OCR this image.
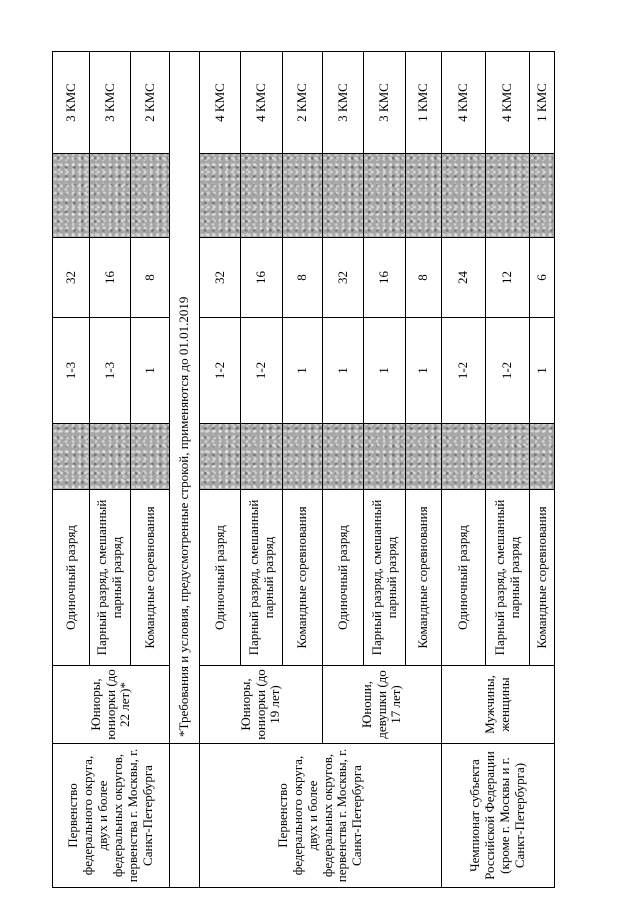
Первенство федерального округа, двух и более федеральных округов, первенства г. Москвы, г. Санкт-Петербурга	Юниоры, юниорки (до 22 лет)*	Одиночный разряд		1-3	32		3 КМС
		Парный разряд, смешанный парный разряд		1-3	16		3 КМС
		Командные соревнования		1	8		2 КМС
	*Требования и условия, предусмотренные строкой, применяются до 01.01.2019						
Первенство федерального округа, двух и более федеральных округов, первенства г. Москвы, г. Санкт-Петербурга	Юниоры, юниорки (до 19 лет)	Одиночный разряд		1-2	32		4 КМС
		Парный разряд, смешанный парный разряд		1-2	16		4 КМС
		Командные соревнования		1	8		2 КМС
	Юноши, девушки (до 17 лет)	Одиночный разряд		1	32		3 КМС
		Парный разряд, смешанный парный разряд		1	16		3 КМС
		Командные соревнования		1	8		1 КМС
Чемпионат субъекта Российской Федерации (кроме г. Москвы и г. Санкт-Петербурга)	Мужчины, женщины	Одиночный разряд		1-2	24		4 КМС
		Парный разряд, смешанный парный разряд		1-2	12		4 КМС
		Командные соревнования		1	6		1 КМС
